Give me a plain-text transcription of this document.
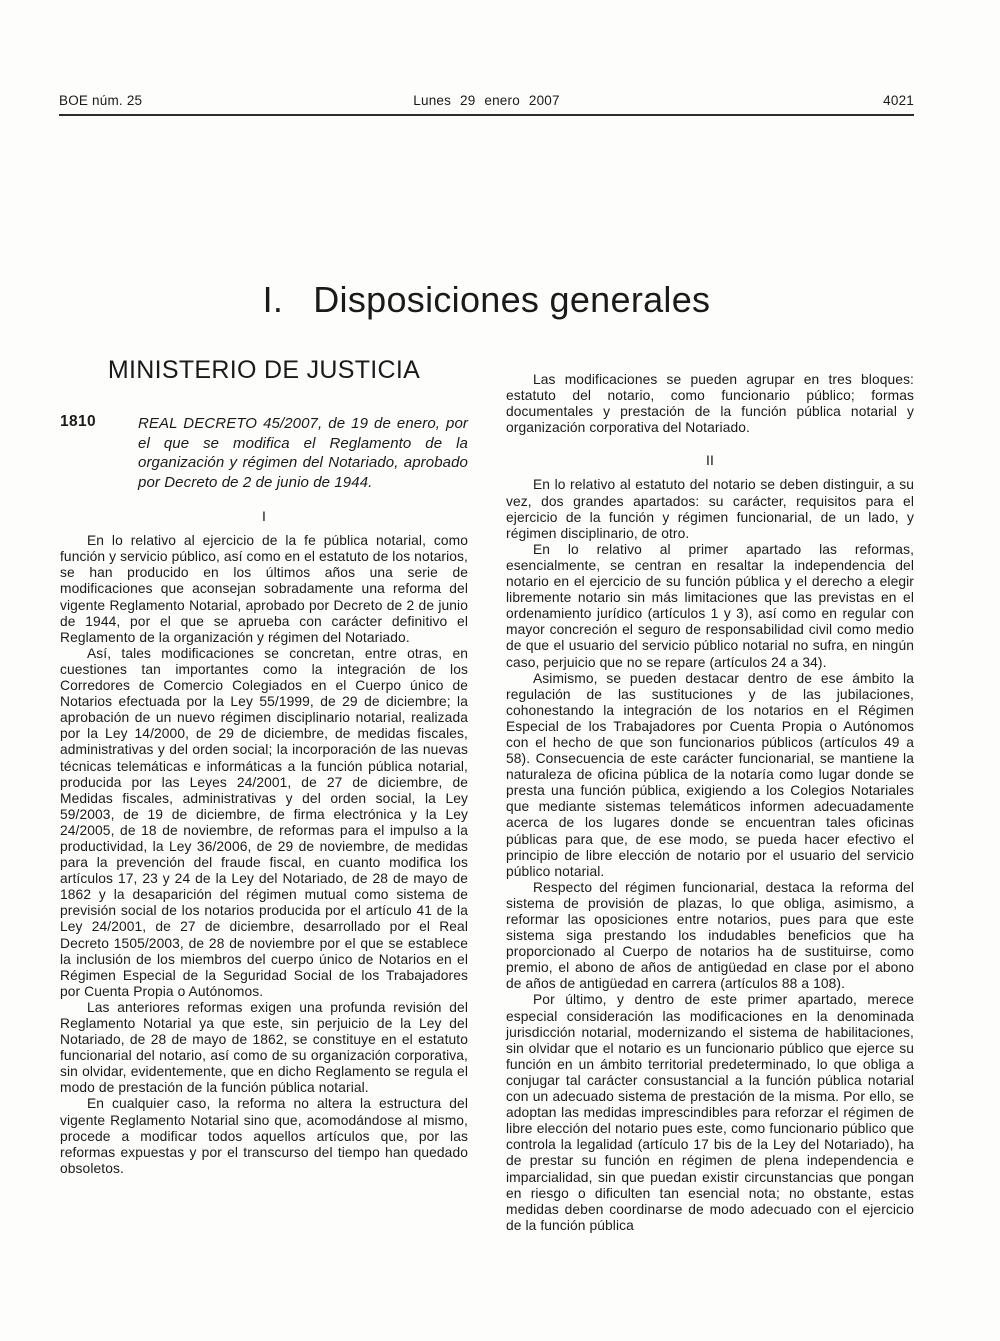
BOE núm. 25	Lunes 29 enero 2007	4021
I. Disposiciones generales
MINISTERIO DE JUSTICIA
1810	REAL DECRETO 45/2007, de 19 de enero, por el que se modifica el Reglamento de la organización y régimen del Notariado, aprobado por Decreto de 2 de junio de 1944.

I

En lo relativo al ejercicio de la fe pública notarial, como función y servicio público, así como en el estatuto de los notarios, se han producido en los últimos años una serie de modificaciones que aconsejan sobradamente una reforma del vigente Reglamento Notarial, aprobado por Decreto de 2 de junio de 1944, por el que se aprueba con carácter definitivo el Reglamento de la organización y régimen del Notariado.

Así, tales modificaciones se concretan, entre otras, en cuestiones tan importantes como la integración de los Corredores de Comercio Colegiados en el Cuerpo único de Notarios efectuada por la Ley 55/1999, de 29 de diciembre; la aprobación de un nuevo régimen disciplinario notarial, realizada por la Ley 14/2000, de 29 de diciembre, de medidas fiscales, administrativas y del orden social; la incorporación de las nuevas técnicas telemáticas e informáticas a la función pública notarial, producida por las Leyes 24/2001, de 27 de diciembre, de Medidas fiscales, administrativas y del orden social, la Ley 59/2003, de 19 de diciembre, de firma electrónica y la Ley 24/2005, de 18 de noviembre, de reformas para el impulso a la productividad, la Ley 36/2006, de 29 de noviembre, de medidas para la prevención del fraude fiscal, en cuanto modifica los artículos 17, 23 y 24 de la Ley del Notariado, de 28 de mayo de 1862 y la desaparición del régimen mutual como sistema de previsión social de los notarios producida por el artículo 41 de la Ley 24/2001, de 27 de diciembre, desarrollado por el Real Decreto 1505/2003, de 28 de noviembre por el que se establece la inclusión de los miembros del cuerpo único de Notarios en el Régimen Especial de la Seguridad Social de los Trabajadores por Cuenta Propia o Autónomos.

Las anteriores reformas exigen una profunda revisión del Reglamento Notarial ya que este, sin perjuicio de la Ley del Notariado, de 28 de mayo de 1862, se constituye en el estatuto funcionarial del notario, así como de su organización corporativa, sin olvidar, evidentemente, que en dicho Reglamento se regula el modo de prestación de la función pública notarial.

En cualquier caso, la reforma no altera la estructura del vigente Reglamento Notarial sino que, acomodándose al mismo, procede a modificar todos aquellos artículos que, por las reformas expuestas y por el transcurso del tiempo han quedado obsoletos.

Las modificaciones se pueden agrupar en tres bloques: estatuto del notario, como funcionario público; formas documentales y prestación de la función pública notarial y organización corporativa del Notariado.

II

En lo relativo al estatuto del notario se deben distinguir, a su vez, dos grandes apartados: su carácter, requisitos para el ejercicio de la función y régimen funcionarial, de un lado, y régimen disciplinario, de otro.

En lo relativo al primer apartado las reformas, esencialmente, se centran en resaltar la independencia del notario en el ejercicio de su función pública y el derecho a elegir libremente notario sin más limitaciones que las previstas en el ordenamiento jurídico (artículos 1 y 3), así como en regular con mayor concreción el seguro de responsabilidad civil como medio de que el usuario del servicio público notarial no sufra, en ningún caso, perjuicio que no se repare (artículos 24 a 34).

Asimismo, se pueden destacar dentro de ese ámbito la regulación de las sustituciones y de las jubilaciones, cohonestando la integración de los notarios en el Régimen Especial de los Trabajadores por Cuenta Propia o Autónomos con el hecho de que son funcionarios públicos (artículos 49 a 58). Consecuencia de este carácter funcionarial, se mantiene la naturaleza de oficina pública de la notaría como lugar donde se presta una función pública, exigiendo a los Colegios Notariales que mediante sistemas telemáticos informen adecuadamente acerca de los lugares donde se encuentran tales oficinas públicas para que, de ese modo, se pueda hacer efectivo el principio de libre elección de notario por el usuario del servicio público notarial.

Respecto del régimen funcionarial, destaca la reforma del sistema de provisión de plazas, lo que obliga, asimismo, a reformar las oposiciones entre notarios, pues para que este sistema siga prestando los indudables beneficios que ha proporcionado al Cuerpo de notarios ha de sustituirse, como premio, el abono de años de antigüedad en clase por el abono de años de antigüedad en carrera (artículos 88 a 108).

Por último, y dentro de este primer apartado, merece especial consideración las modificaciones en la denominada jurisdicción notarial, modernizando el sistema de habilitaciones, sin olvidar que el notario es un funcionario público que ejerce su función en un ámbito territorial predeterminado, lo que obliga a conjugar tal carácter consustancial a la función pública notarial con un adecuado sistema de prestación de la misma. Por ello, se adoptan las medidas imprescindibles para reforzar el régimen de libre elección del notario pues este, como funcionario público que controla la legalidad (artículo 17 bis de la Ley del Notariado), ha de prestar su función en régimen de plena independencia e imparcialidad, sin que puedan existir circunstancias que pongan en riesgo o dificulten tan esencial nota; no obstante, estas medidas deben coordinarse de modo adecuado con el ejercicio de la función pública
